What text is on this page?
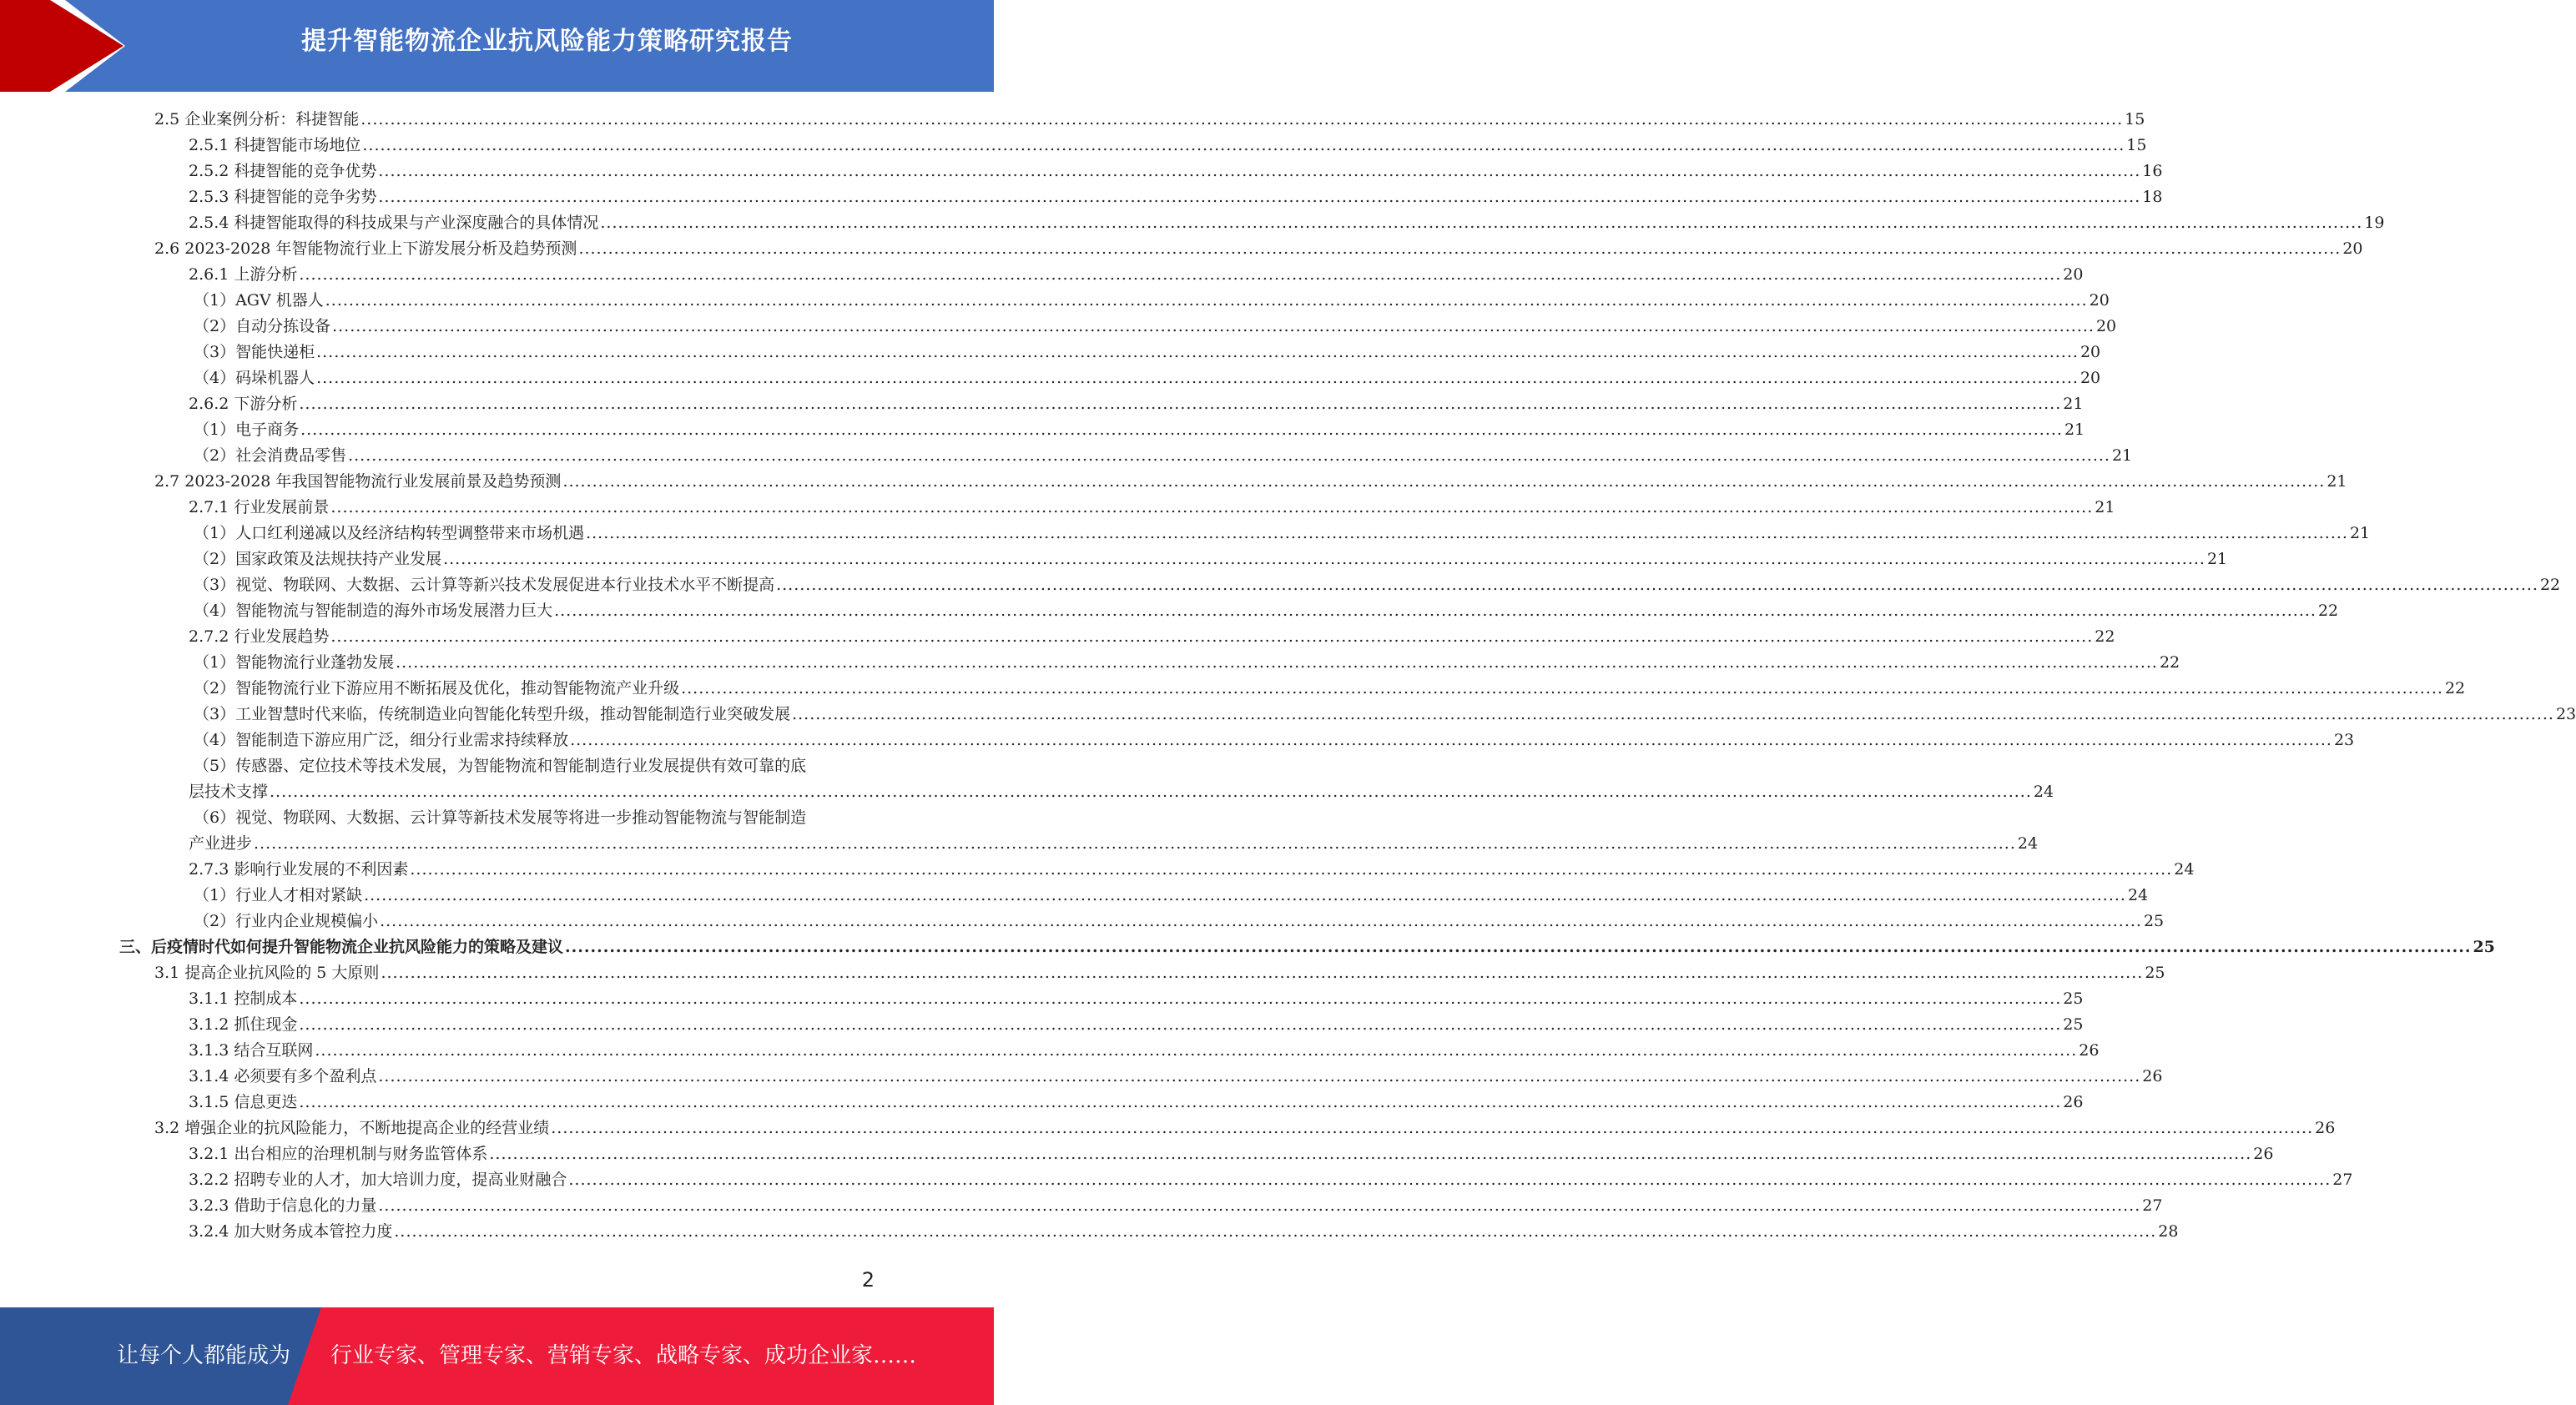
提升智能物流企业抗风险能力策略研究报告
2.5 企业案例分析：科捷智能 ............................................................................................................................................................................................................................................................................................................ 15
2.5.1 科捷智能市场地位 ............................................................................................................................................................................................................................................................................................................ 15
2.5.2 科捷智能的竞争优势 ............................................................................................................................................................................................................................................................................................................ 16
2.5.3 科捷智能的竞争劣势 ............................................................................................................................................................................................................................................................................................................ 18
2.5.4 科捷智能取得的科技成果与产业深度融合的具体情况 ............................................................................................................................................................................................................................................................................................................ 19
2.6 2023-2028 年智能物流行业上下游发展分析及趋势预测 ............................................................................................................................................................................................................................................................................................................ 20
2.6.1 上游分析 ............................................................................................................................................................................................................................................................................................................ 20
（1）AGV 机器人 ............................................................................................................................................................................................................................................................................................................ 20
（2）自动分拣设备 ............................................................................................................................................................................................................................................................................................................ 20
（3）智能快递柜 ............................................................................................................................................................................................................................................................................................................ 20
（4）码垛机器人 ............................................................................................................................................................................................................................................................................................................ 20
2.6.2 下游分析 ............................................................................................................................................................................................................................................................................................................ 21
（1）电子商务 ............................................................................................................................................................................................................................................................................................................ 21
（2）社会消费品零售 ............................................................................................................................................................................................................................................................................................................ 21
2.7 2023-2028 年我国智能物流行业发展前景及趋势预测 ............................................................................................................................................................................................................................................................................................................ 21
2.7.1 行业发展前景 ............................................................................................................................................................................................................................................................................................................ 21
（1）人口红利递减以及经济结构转型调整带来市场机遇 ............................................................................................................................................................................................................................................................................................................ 21
（2）国家政策及法规扶持产业发展 ............................................................................................................................................................................................................................................................................................................ 21
（3）视觉、物联网、大数据、云计算等新兴技术发展促进本行业技术水平不断提高 ............................................................................................................................................................................................................................................................................................................ 22
（4）智能物流与智能制造的海外市场发展潜力巨大 ............................................................................................................................................................................................................................................................................................................ 22
2.7.2 行业发展趋势 ............................................................................................................................................................................................................................................................................................................ 22
（1）智能物流行业蓬勃发展 ............................................................................................................................................................................................................................................................................................................ 22
（2）智能物流行业下游应用不断拓展及优化，推动智能物流产业升级 ............................................................................................................................................................................................................................................................................................................ 22
（3）工业智慧时代来临，传统制造业向智能化转型升级，推动智能制造行业突破发展 ............................................................................................................................................................................................................................................................................................................ 23
（4）智能制造下游应用广泛，细分行业需求持续释放 ............................................................................................................................................................................................................................................................................................................ 23
（5）传感器、定位技术等技术发展，为智能物流和智能制造行业发展提供有效可靠的底
层技术支撑 ............................................................................................................................................................................................................................................................................................................ 24
（6）视觉、物联网、大数据、云计算等新技术发展等将进一步推动智能物流与智能制造
产业进步 ............................................................................................................................................................................................................................................................................................................ 24
2.7.3 影响行业发展的不利因素 ............................................................................................................................................................................................................................................................................................................ 24
（1）行业人才相对紧缺 ............................................................................................................................................................................................................................................................................................................ 24
（2）行业内企业规模偏小 ............................................................................................................................................................................................................................................................................................................ 25
三、后疫情时代如何提升智能物流企业抗风险能力的策略及建议 ............................................................................................................................................................................................................................................................................................................ 25
3.1 提高企业抗风险的 5 大原则 ............................................................................................................................................................................................................................................................................................................ 25
3.1.1 控制成本 ............................................................................................................................................................................................................................................................................................................ 25
3.1.2 抓住现金 ............................................................................................................................................................................................................................................................................................................ 25
3.1.3 结合互联网 ............................................................................................................................................................................................................................................................................................................ 26
3.1.4 必须要有多个盈利点 ............................................................................................................................................................................................................................................................................................................ 26
3.1.5 信息更迭 ............................................................................................................................................................................................................................................................................................................ 26
3.2 增强企业的抗风险能力，不断地提高企业的经营业绩 ............................................................................................................................................................................................................................................................................................................ 26
3.2.1 出台相应的治理机制与财务监管体系 ............................................................................................................................................................................................................................................................................................................ 26
3.2.2 招聘专业的人才，加大培训力度，提高业财融合 ............................................................................................................................................................................................................................................................................................................ 27
3.2.3 借助于信息化的力量 ............................................................................................................................................................................................................................................................................................................ 27
3.2.4 加大财务成本管控力度 ............................................................................................................................................................................................................................................................................................................ 28
2
让每个人都能成为 行业专家、管理专家、营销专家、战略专家、成功企业家……
